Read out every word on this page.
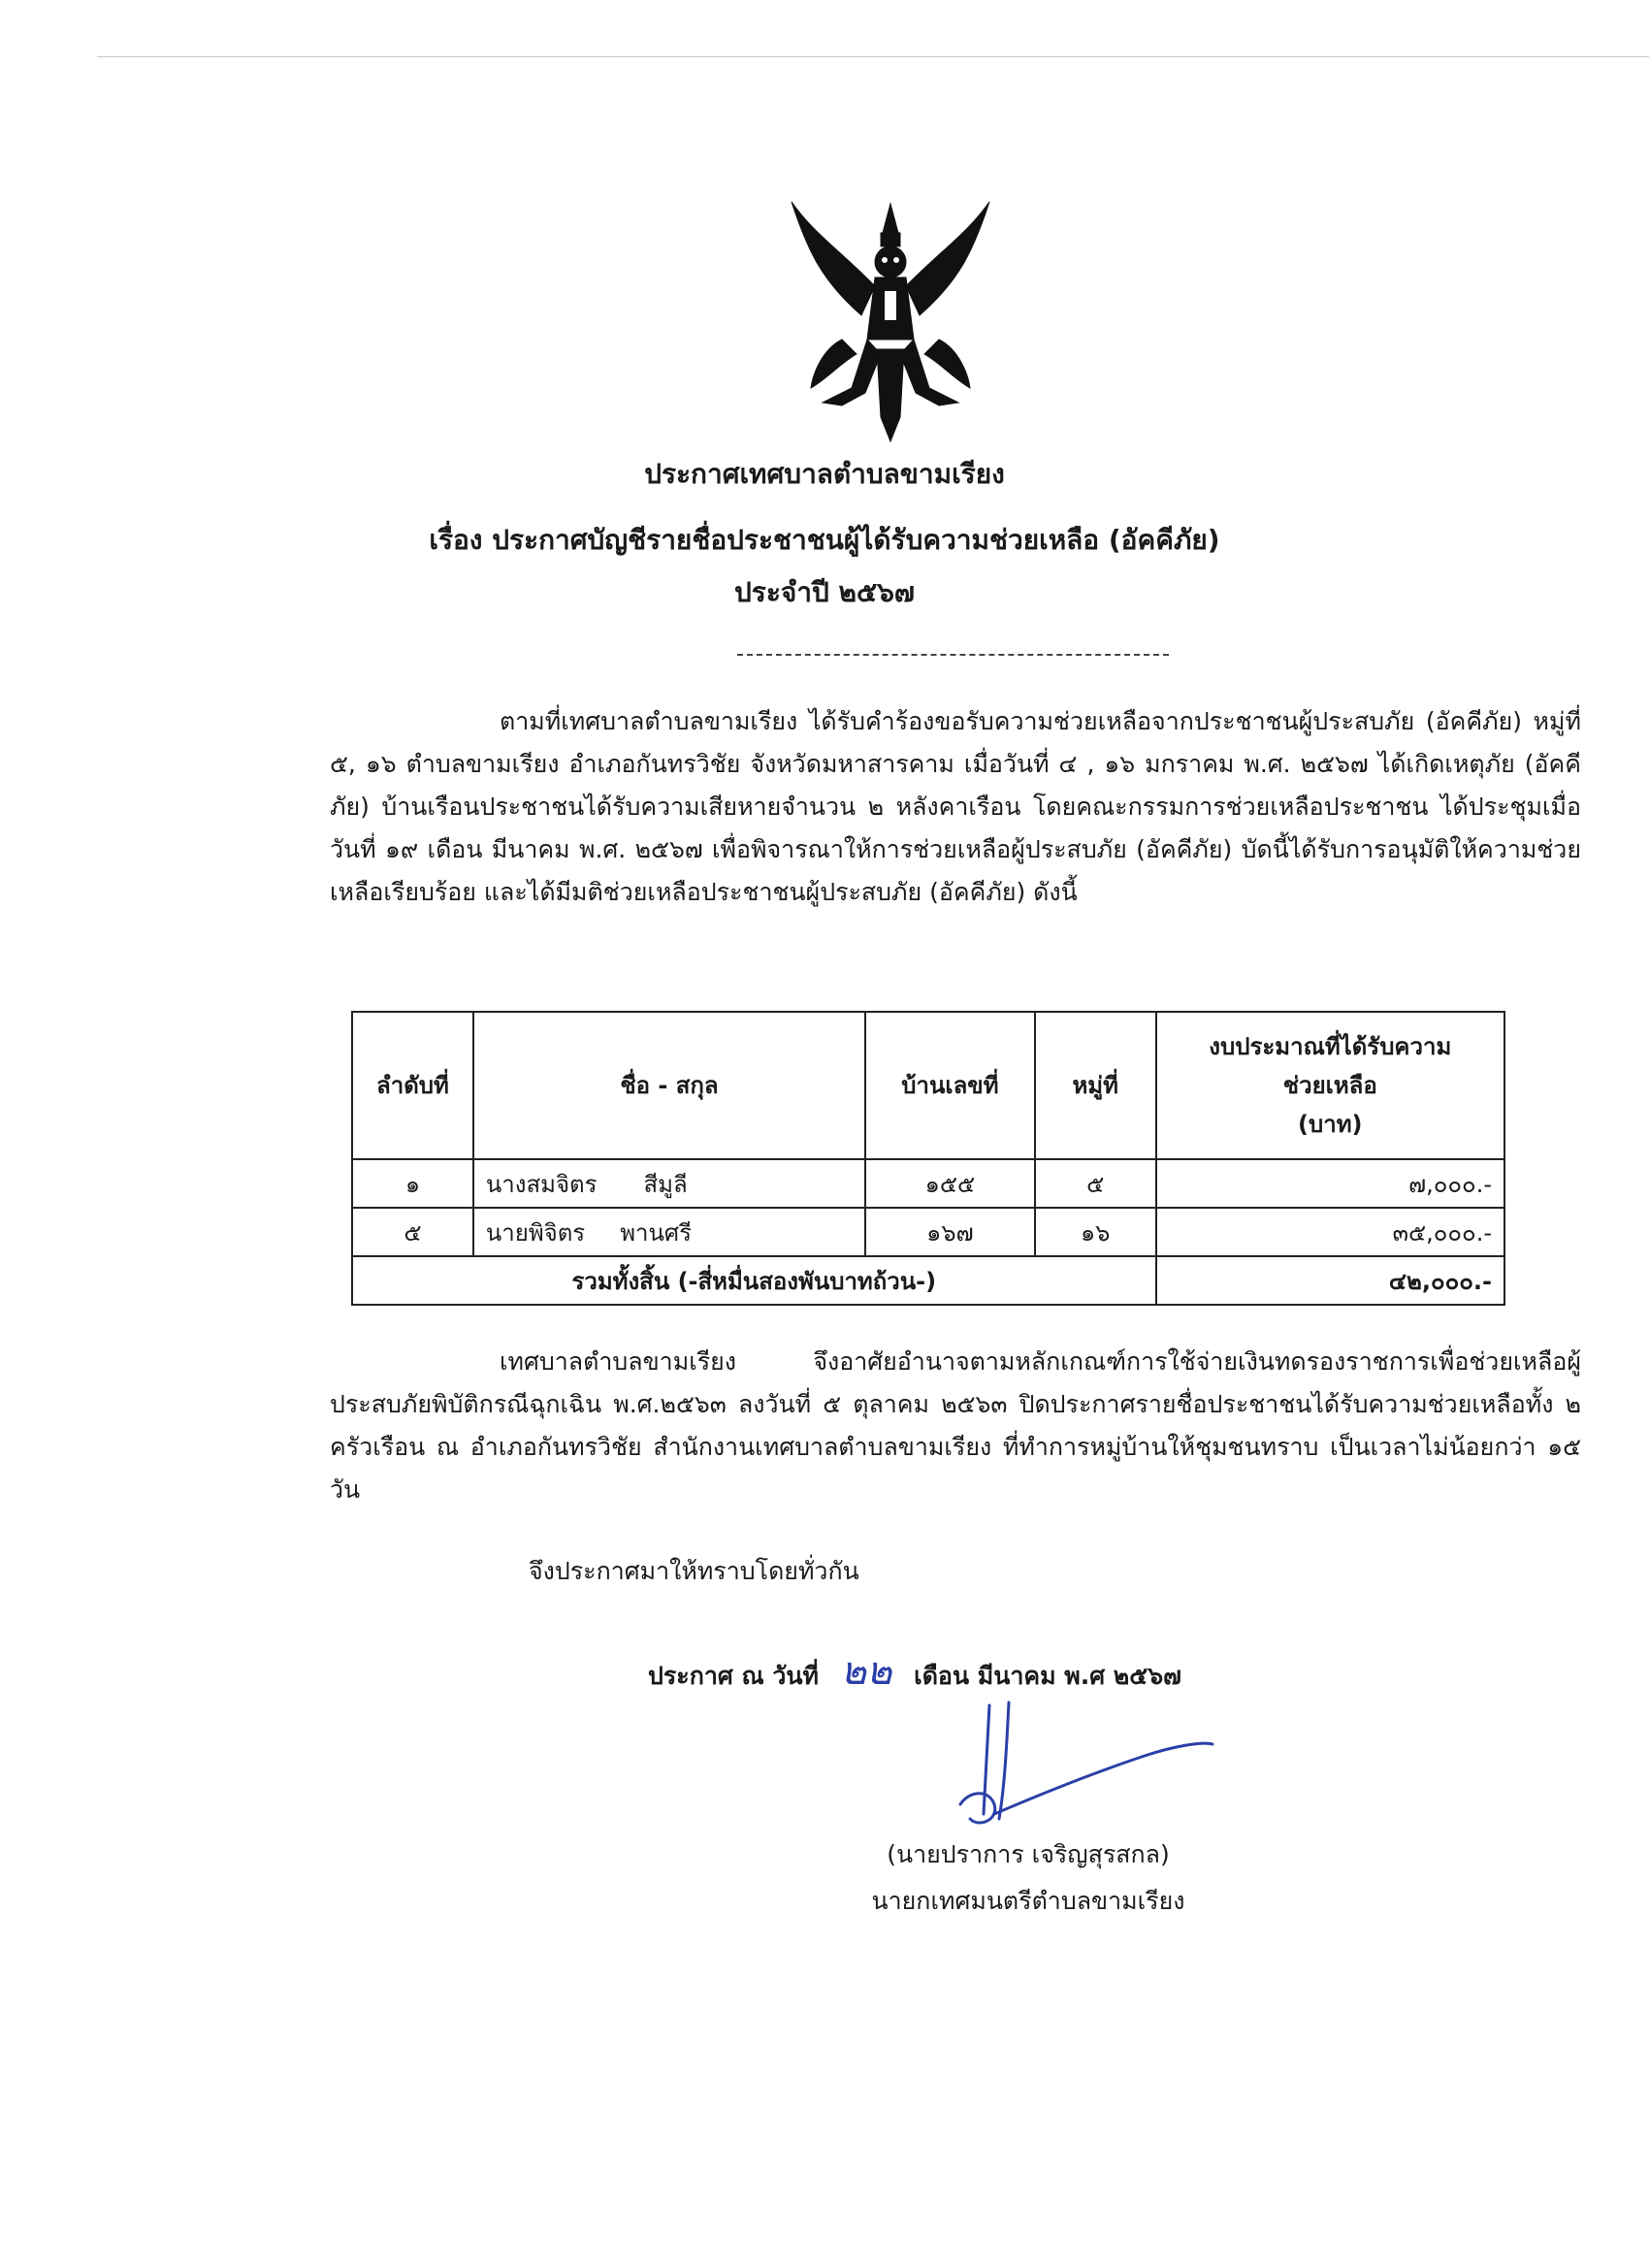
ประกาศเทศบาลตำบลขามเรียง
เรื่อง ประกาศบัญชีรายชื่อประชาชนผู้ได้รับความช่วยเหลือ (อัคคีภัย)
ประจำปี ๒๕๖๗
ตามที่เทศบาลตำบลขามเรียง ได้รับคำร้องขอรับความช่วยเหลือจากประชาชนผู้ประสบภัย (อัคคีภัย) หมู่ที่ ๕, ๑๖ ตำบลขามเรียง อำเภอกันทรวิชัย จังหวัดมหาสารคาม เมื่อวันที่ ๔ , ๑๖ มกราคม พ.ศ. ๒๕๖๗ ได้เกิดเหตุภัย (อัคคีภัย) บ้านเรือนประชาชนได้รับความเสียหายจำนวน ๒ หลังคาเรือน โดยคณะกรรมการช่วยเหลือประชาชน ได้ประชุมเมื่อวันที่ ๑๙ เดือน มีนาคม พ.ศ. ๒๕๖๗ เพื่อพิจารณาให้การช่วยเหลือผู้ประสบภัย (อัคคีภัย) บัดนี้ได้รับการอนุมัติให้ความช่วยเหลือเรียบร้อย และได้มีมติช่วยเหลือประชาชนผู้ประสบภัย (อัคคีภัย) ดังนี้
ลำดับที่	ชื่อ - สกุล	บ้านเลขที่	หมู่ที่	งบประมาณที่ได้รับความ
ช่วยเหลือ
(บาท)

๑	นางสมจิตร สีมูลี	๑๕๕	๕	๗,๐๐๐.-
๕	นายพิจิตร พานศรี	๑๖๗	๑๖	๓๕,๐๐๐.-
รวมทั้งสิ้น (-สี่หมื่นสองพันบาทถ้วน-)				๔๒,๐๐๐.-
เทศบาลตำบลขามเรียง จึงอาศัยอำนาจตามหลักเกณฑ์การใช้จ่ายเงินทดรองราชการเพื่อช่วยเหลือผู้ประสบภัยพิบัติกรณีฉุกเฉิน พ.ศ.๒๕๖๓ ลงวันที่ ๕ ตุลาคม ๒๕๖๓ ปิดประกาศรายชื่อประชาชนได้รับความช่วยเหลือทั้ง ๒ ครัวเรือน ณ อำเภอกันทรวิชัย สำนักงานเทศบาลตำบลขามเรียง ที่ทำการหมู่บ้านให้ชุมชนทราบ เป็นเวลาไม่น้อยกว่า ๑๕ วัน
จึงประกาศมาให้ทราบโดยทั่วกัน
ประกาศ ณ วันที่ ๒๒ เดือน มีนาคม พ.ศ ๒๕๖๗
(นายปราการ เจริญสุรสกล)
นายกเทศมนตรีตำบลขามเรียง
